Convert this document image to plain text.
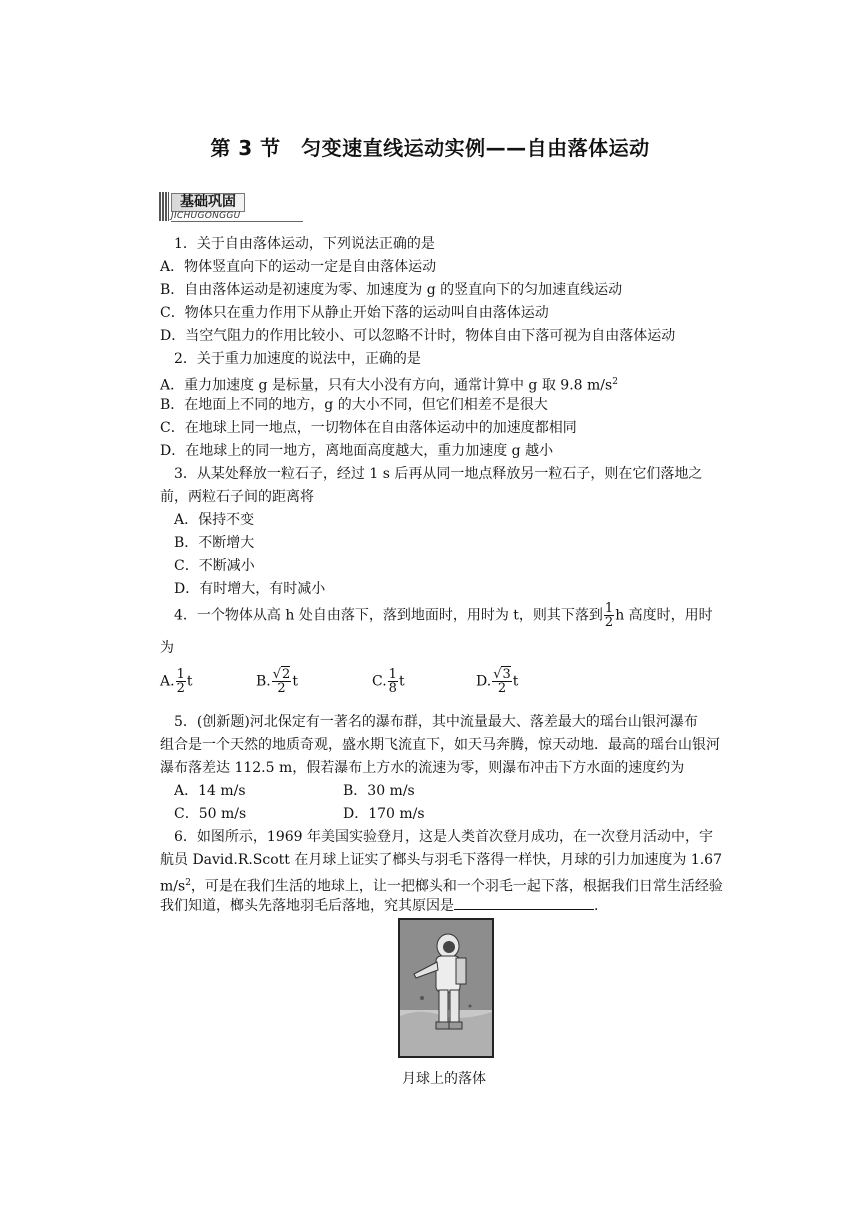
第 3 节　匀变速直线运动实例——自由落体运动
基础巩固
JICHUGONGGU
1．关于自由落体运动，下列说法正确的是
A．物体竖直向下的运动一定是自由落体运动
B．自由落体运动是初速度为零、加速度为 g 的竖直向下的匀加速直线运动
C．物体只在重力作用下从静止开始下落的运动叫自由落体运动
D．当空气阻力的作用比较小、可以忽略不计时，物体自由下落可视为自由落体运动
2．关于重力加速度的说法中，正确的是
A．重力加速度 g 是标量，只有大小没有方向，通常计算中 g 取 9.8 $m/s^2$
B．在地面上不同的地方，g 的大小不同，但它们相差不是很大
C．在地球上同一地点，一切物体在自由落体运动中的加速度都相同
D．在地球上的同一地方，离地面高度越大，重力加速度 g 越小
3．从某处释放一粒石子，经过 1 s 后再从同一地点释放另一粒石子，则在它们落地之
前，两粒石子间的距离将
A．保持不变
B．不断增大
C．不断减小
D．有时增大，有时减小
4．一个物体从高 h 处自由落下，落到地面时，用时为 t，则其下落到 $\frac{1}{2}$ h 高度时，用时
为
A. $\frac{1}{2}$ t	B. $\frac{√2}{2}$ t	C. $\frac{1}{8}$ t	D. $\frac{√3}{2}$ t
5．(创新题)河北保定有一著名的瀑布群，其中流量最大、落差最大的瑶台山银河瀑布
组合是一个天然的地质奇观，盛水期飞流直下，如天马奔腾，惊天动地．最高的瑶台山银河
瀑布落差达 112.5 m，假若瀑布上方水的流速为零，则瀑布冲击下方水面的速度约为
A．14 m/s	B．30 m/s
C．50 m/s	D．170 m/s
6．如图所示，1969 年美国实验登月，这是人类首次登月成功，在一次登月活动中，宇
航员 David.R.Scott 在月球上证实了榔头与羽毛下落得一样快，月球的引力加速度为 1.67
$m/s^2$，可是在我们生活的地球上，让一把榔头和一个羽毛一起下落，根据我们日常生活经验
我们知道，榔头先落地羽毛后落地，究其原因是	.
月球上的落体
